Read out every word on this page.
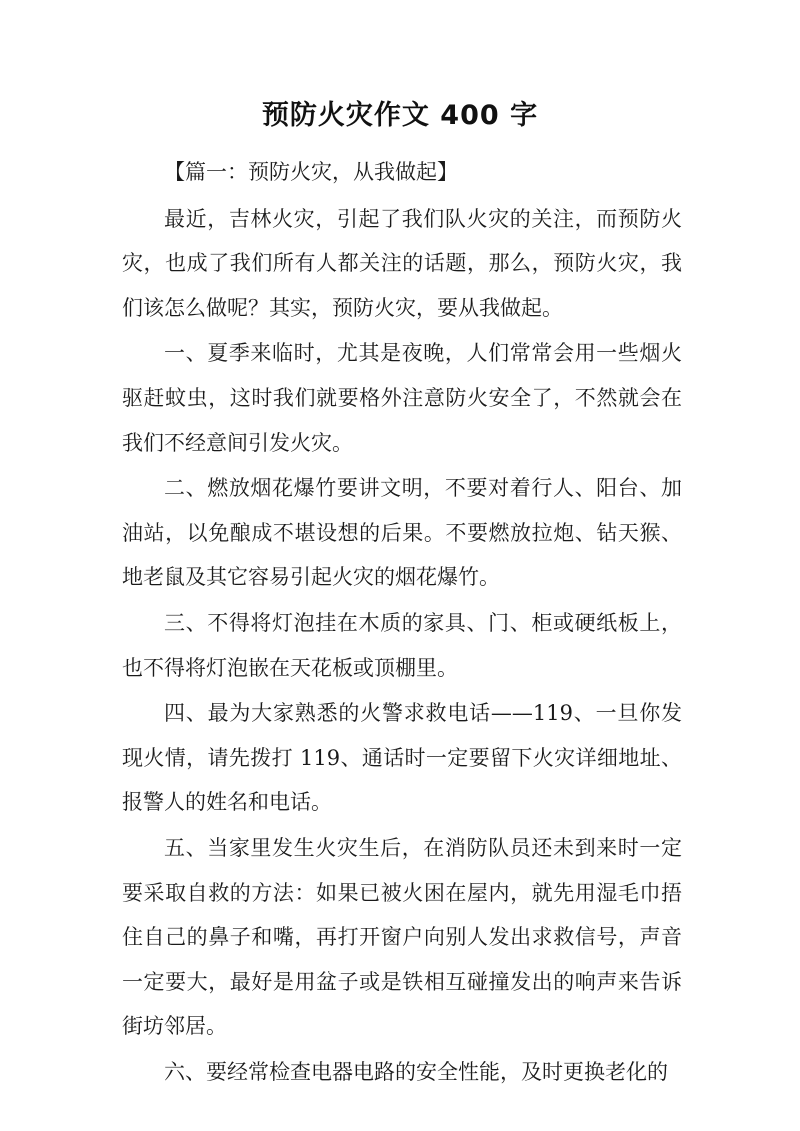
预防火灾作文 400 字

【篇一：预防火灾，从我做起】

最近，吉林火灾，引起了我们队火灾的关注，而预防火灾，也成了我们所有人都关注的话题，那么，预防火灾，我们该怎么做呢？其实，预防火灾，要从我做起。

一、夏季来临时，尤其是夜晚，人们常常会用一些烟火驱赶蚊虫，这时我们就要格外注意防火安全了，不然就会在我们不经意间引发火灾。

二、燃放烟花爆竹要讲文明，不要对着行人、阳台、加油站，以免酿成不堪设想的后果。不要燃放拉炮、钻天猴、地老鼠及其它容易引起火灾的烟花爆竹。

三、不得将灯泡挂在木质的家具、门、柜或硬纸板上，也不得将灯泡嵌在天花板或顶棚里。

四、最为大家熟悉的火警求救电话——119、一旦你发现火情，请先拨打 119、通话时一定要留下火灾详细地址、报警人的姓名和电话。

五、当家里发生火灾生后，在消防队员还未到来时一定要采取自救的方法：如果已被火困在屋内，就先用湿毛巾捂住自己的鼻子和嘴，再打开窗户向别人发出求救信号，声音一定要大，最好是用盆子或是铁相互碰撞发出的响声来告诉街坊邻居。

六、要经常检查电器电路的安全性能，及时更换老化的
